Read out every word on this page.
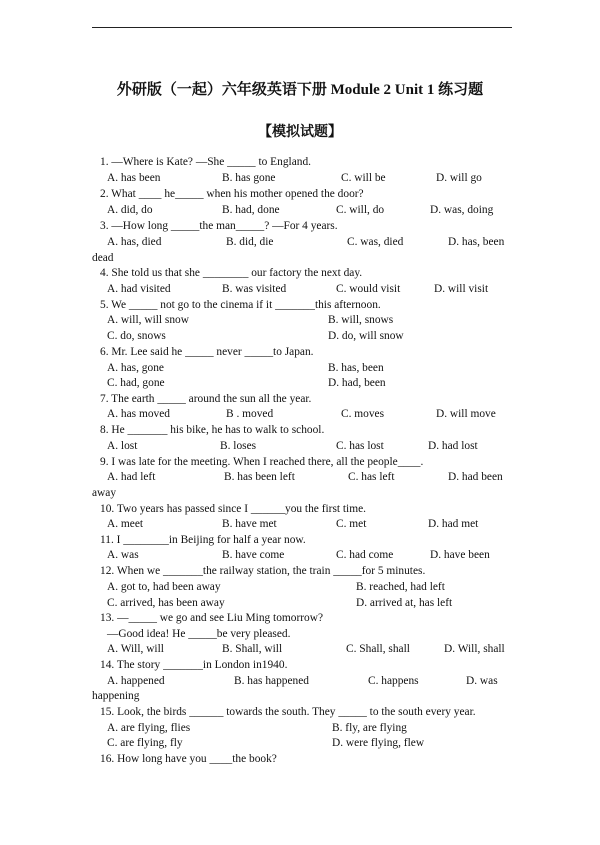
外研版（一起）六年级英语下册 Module 2 Unit 1 练习题
【模拟试题】
1. —Where is Kate? —She _____ to England.
A. has been	B. has gone	C. will be	D. will go
2. What ____ he_____ when his mother opened the door?
A. did, do	B. had, done	C. will, do	D. was, doing
3. —How long _____the man_____? —For 4 years.
A. has, died	B. did, die	C. was, died	D. has, been
dead
4. She told us that she ________ our factory the next day.
A. had visited	B. was visited	C. would visit	D. will visit
5. We _____ not go to the cinema if it _______this afternoon.
A. will, will snow	B. will, snows
C. do, snows	D. do, will snow
6. Mr. Lee said he _____ never _____to Japan.
A. has, gone	B. has, been
C. had, gone	D. had, been
7. The earth _____ around the sun all the year.
A. has moved	B . moved	C. moves	D. will move
8. He _______ his bike, he has to walk to school.
A. lost	B. loses	C. has lost	D. had lost
9. I was late for the meeting. When I reached there, all the people____.
A. had left	B. has been left	C. has left	D. had been
away
10. Two years has passed since I ______you the first time.
A. meet	B. have met	C. met	D. had met
11. I ________in Beijing for half a year now.
A. was	B. have come	C. had come	D. have been
12. When we _______the railway station, the train _____for 5 minutes.
A. got to, had been away	B. reached, had left
C. arrived, has been away	D. arrived at, has left
13. —_____ we go and see Liu Ming tomorrow?
—Good idea! He _____be very pleased.
A. Will, will	B. Shall, will	C. Shall, shall	D. Will, shall
14. The story _______in London in1940.
A. happened	B. has happened	C. happens	D. was
happening
15. Look, the birds ______ towards the south. They _____ to the south every year.
A. are flying, flies	B. fly, are flying
C. are flying, fly	D. were flying, flew
16. How long have you ____the book?
